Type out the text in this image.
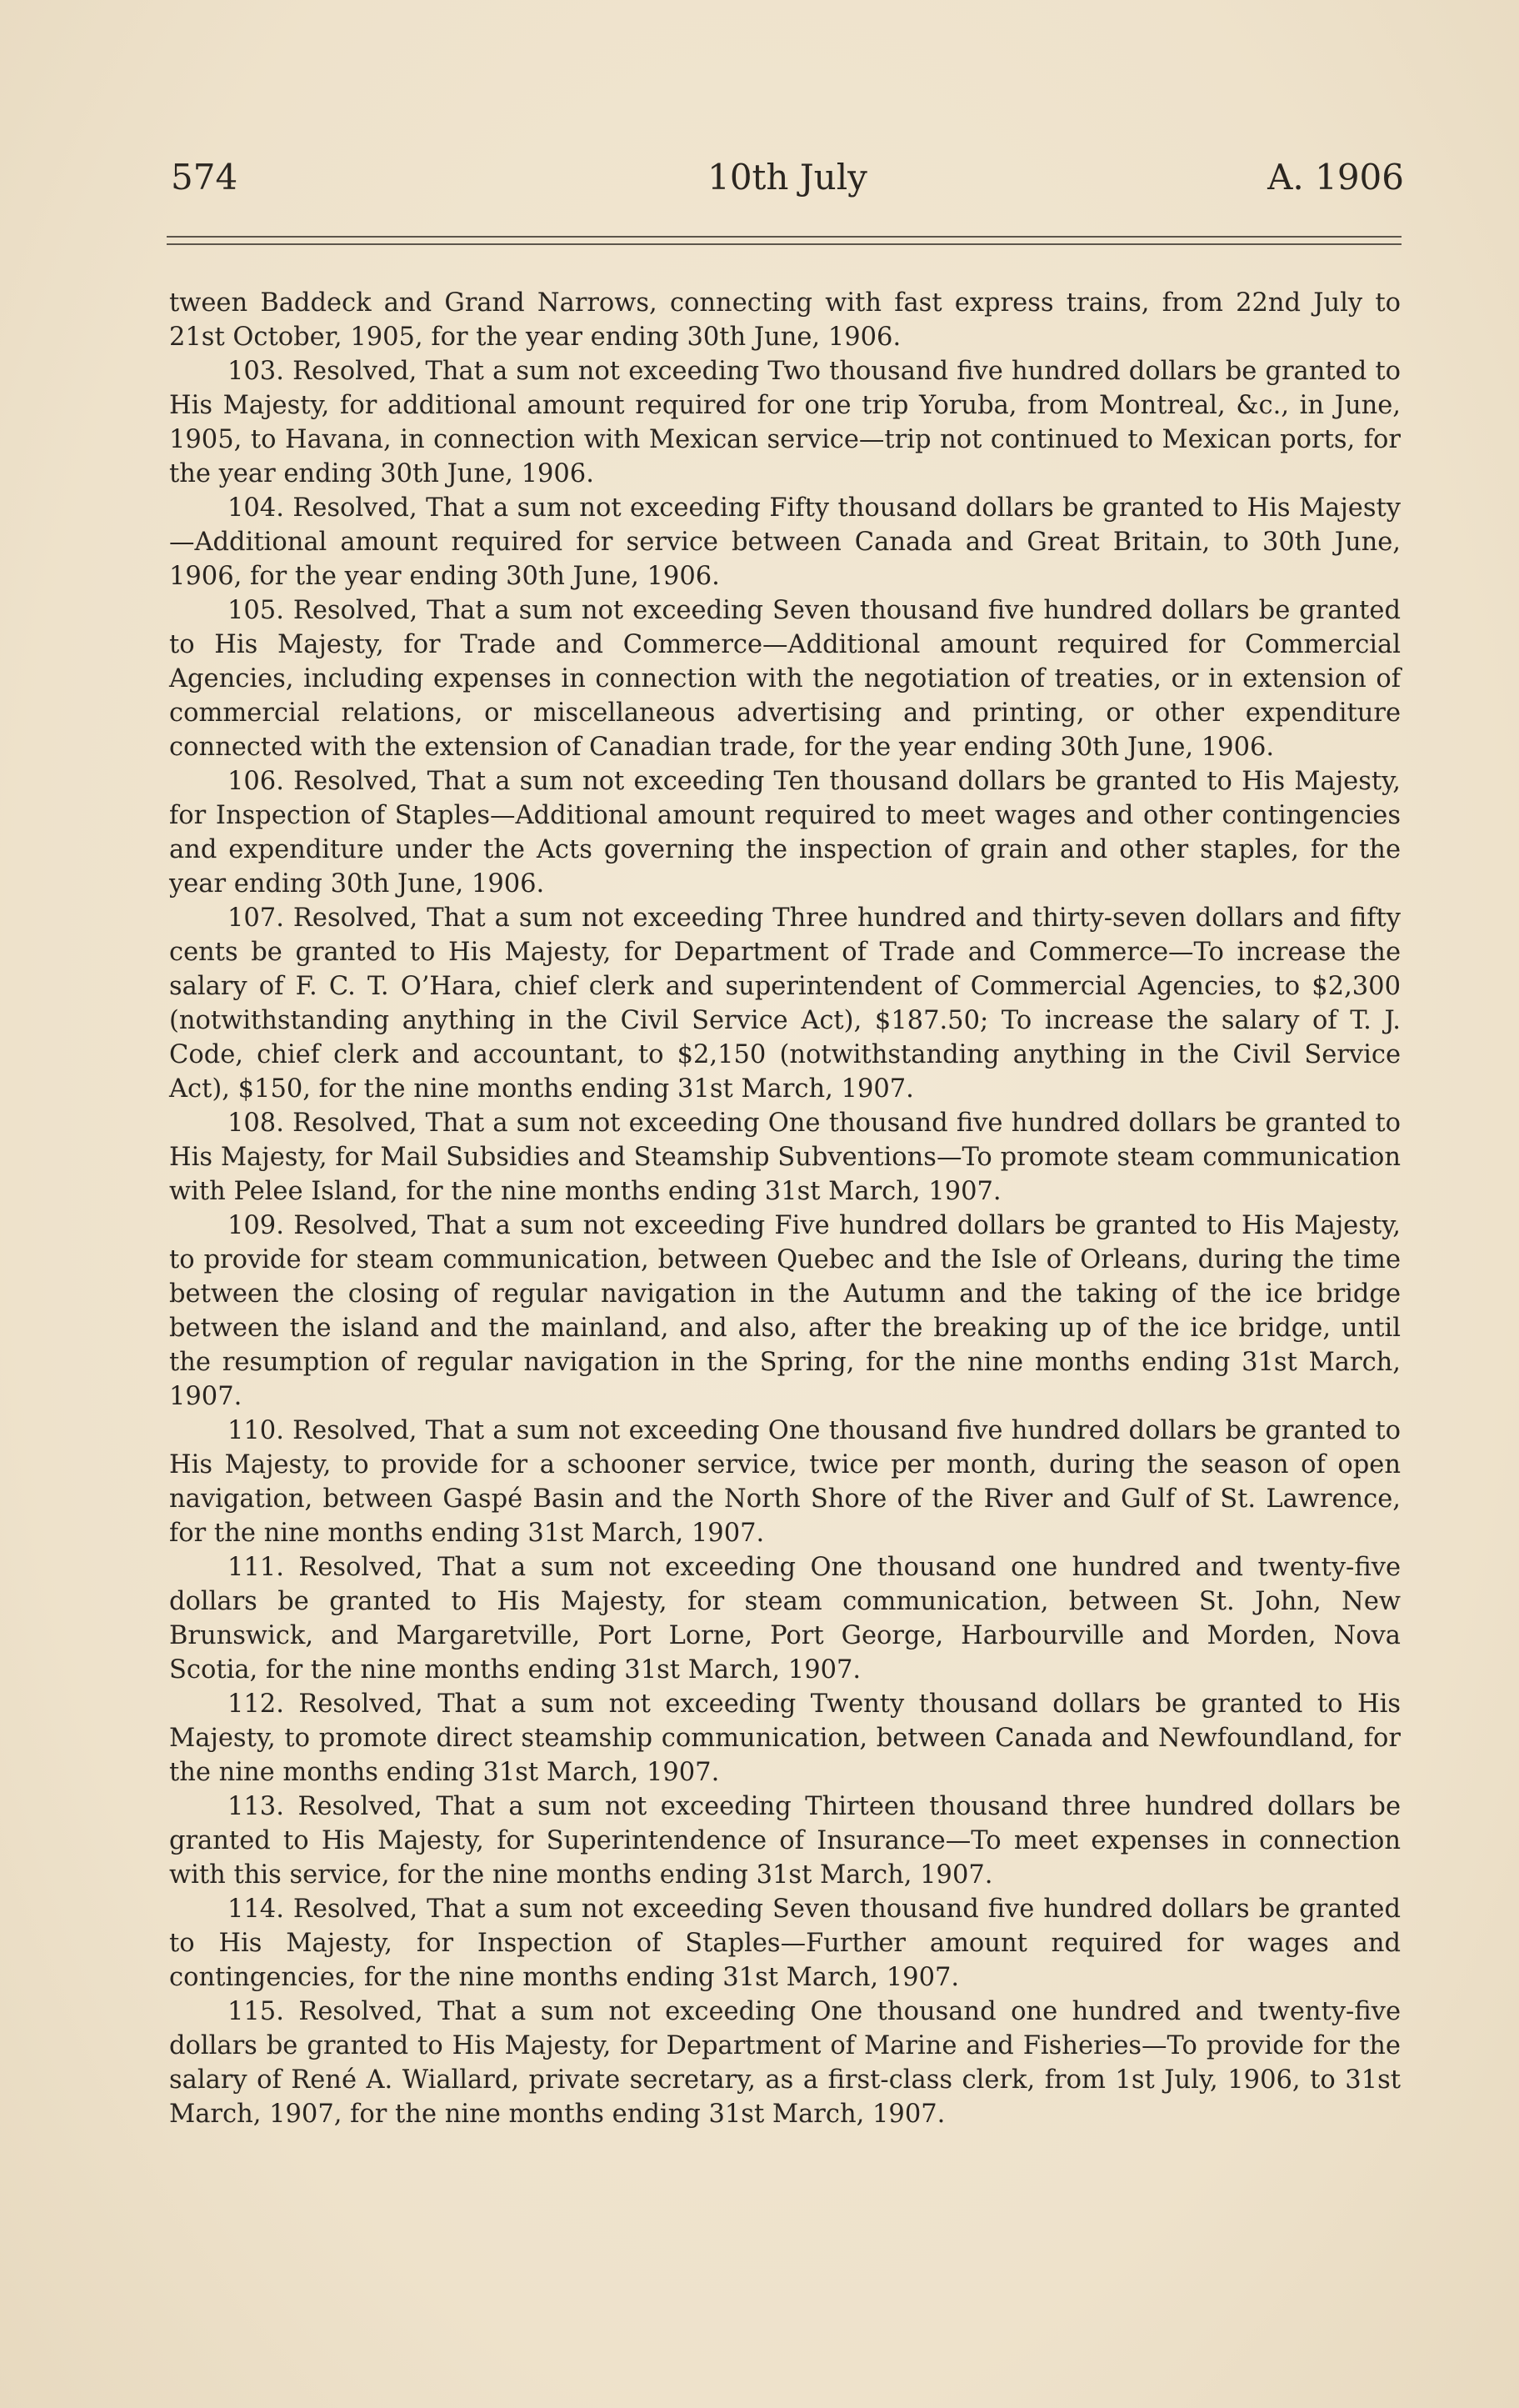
574	10th July	A. 1906

tween Baddeck and Grand Narrows, connecting with fast express trains, from 22nd July to 21st October, 1905, for the year ending 30th June, 1906.

103. Resolved, That a sum not exceeding Two thousand five hundred dollars be granted to His Majesty, for additional amount required for one trip Yoruba, from Montreal, &c., in June, 1905, to Havana, in connection with Mexican service—trip not continued to Mexican ports, for the year ending 30th June, 1906.

104. Resolved, That a sum not exceeding Fifty thousand dollars be granted to His Majesty—Additional amount required for service between Canada and Great Britain, to 30th June, 1906, for the year ending 30th June, 1906.

105. Resolved, That a sum not exceeding Seven thousand five hundred dollars be granted to His Majesty, for Trade and Commerce—Additional amount required for Commercial Agencies, including expenses in connection with the negotiation of treaties, or in extension of commercial relations, or miscellaneous advertising and printing, or other expenditure connected with the extension of Canadian trade, for the year ending 30th June, 1906.

106. Resolved, That a sum not exceeding Ten thousand dollars be granted to His Majesty, for Inspection of Staples—Additional amount required to meet wages and other contingencies and expenditure under the Acts governing the inspection of grain and other staples, for the year ending 30th June, 1906.

107. Resolved, That a sum not exceeding Three hundred and thirty-seven dollars and fifty cents be granted to His Majesty, for Department of Trade and Commerce—To increase the salary of F. C. T. O’Hara, chief clerk and superintendent of Commercial Agencies, to $2,300 (notwithstanding anything in the Civil Service Act), $187.50; To increase the salary of T. J. Code, chief clerk and accountant, to $2,150 (notwithstanding anything in the Civil Service Act), $150, for the nine months ending 31st March, 1907.

108. Resolved, That a sum not exceeding One thousand five hundred dollars be granted to His Majesty, for Mail Subsidies and Steamship Subventions—To promote steam communication with Pelee Island, for the nine months ending 31st March, 1907.

109. Resolved, That a sum not exceeding Five hundred dollars be granted to His Majesty, to provide for steam communication, between Quebec and the Isle of Orleans, during the time between the closing of regular navigation in the Autumn and the taking of the ice bridge between the island and the mainland, and also, after the breaking up of the ice bridge, until the resumption of regular navigation in the Spring, for the nine months ending 31st March, 1907.

110. Resolved, That a sum not exceeding One thousand five hundred dollars be granted to His Majesty, to provide for a schooner service, twice per month, during the season of open navigation, between Gaspé Basin and the North Shore of the River and Gulf of St. Lawrence, for the nine months ending 31st March, 1907.

111. Resolved, That a sum not exceeding One thousand one hundred and twenty-five dollars be granted to His Majesty, for steam communication, between St. John, New Brunswick, and Margaretville, Port Lorne, Port George, Harbourville and Morden, Nova Scotia, for the nine months ending 31st March, 1907.

112. Resolved, That a sum not exceeding Twenty thousand dollars be granted to His Majesty, to promote direct steamship communication, between Canada and Newfoundland, for the nine months ending 31st March, 1907.

113. Resolved, That a sum not exceeding Thirteen thousand three hundred dollars be granted to His Majesty, for Superintendence of Insurance—To meet expenses in connection with this service, for the nine months ending 31st March, 1907.

114. Resolved, That a sum not exceeding Seven thousand five hundred dollars be granted to His Majesty, for Inspection of Staples—Further amount required for wages and contingencies, for the nine months ending 31st March, 1907.

115. Resolved, That a sum not exceeding One thousand one hundred and twenty-five dollars be granted to His Majesty, for Department of Marine and Fisheries—To provide for the salary of René A. Wiallard, private secretary, as a first-class clerk, from 1st July, 1906, to 31st March, 1907, for the nine months ending 31st March, 1907.
